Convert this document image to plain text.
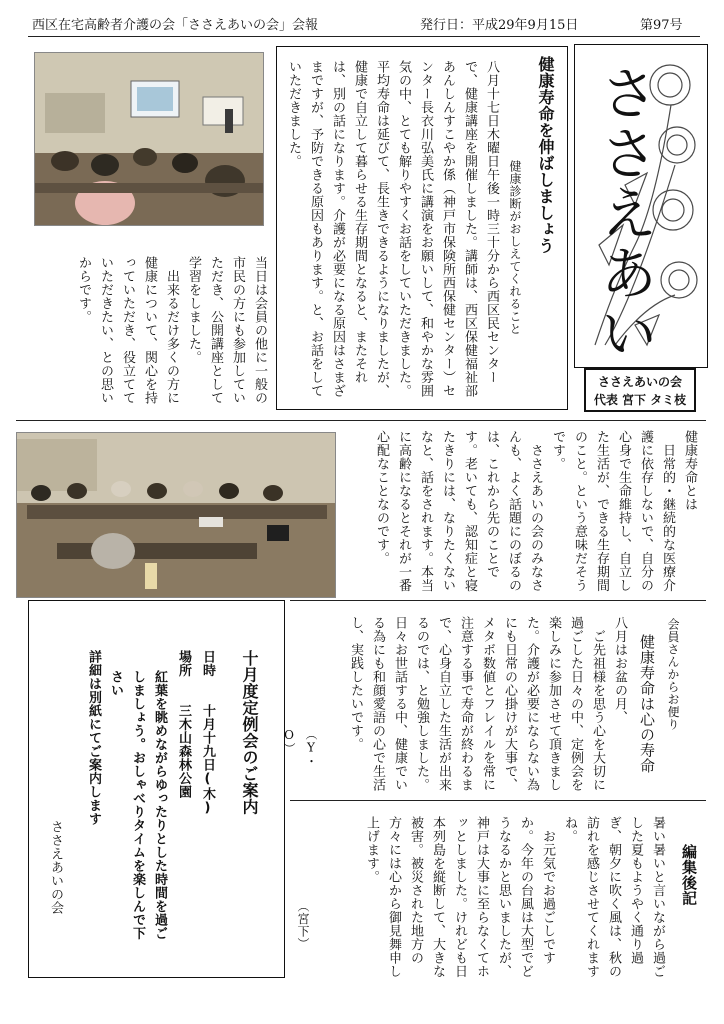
西区在宅高齢者介護の会「ささえあいの会」会報	発行日：平成29年9月15日	第97号
健康寿命を伸ばしましょう
健康診断がおしえてくれること
八月十七日木曜日午後一時三十分から西区民センターで、健康講座を開催しました。講師は、西区保健福祉部あんしんすこやか係（神戸市保険所西保健センター）センター長衣川弘美氏に講演をお願いして、和やかな雰囲気の中、とても解りやすくお話をしていただきました。平均寿命は延びて、長生きできるようになりましたが、健康で自立して暮らせる生存期間となると、またそれは、別の話になります。介護が必要になる原因はさまざまですが、予防できる原因もあります。と、お話をしていただきました。
当日は会員の他に一般の市民の方にも参加していただき、公開講座として学習をしました。
　出来るだけ多くの方に健康について、関心を持っていただき、役立てていただきたい、との思いからです。	ささえあい
ささえあいの会
代表 宮下 タミ枝
健康寿命とは
　日常的・継続的な医療介護に依存しないで、自分の心身で生命維持し、自立した生活が、できる生存期間のこと。という意味だそうです。
　ささえあいの会のみなさんも、よく話題にのぼるのは、これから先のことです。老いても、認知症と寝たきりには、なりたくないなと、話をされます。本当に高齢になるとそれが一番心配なことなのです。
十月度定例会のご案内
日時　　十月十九日(木)
場所　　三木山森林公園
紅葉を眺めながらゆったりとした時間を過ごしましょう。おしゃべりタイムを楽しんで下さい
詳細は別紙にてご案内します
ささえあいの会
会員さんからお便り
健康寿命は心の寿命
八月はお盆の月、
　ご先祖様を思う心を大切に過ごした日々の中、定例会を楽しみに参加させて頂きました。介護が必要にならない為にも日常の心掛けが大事で、メタボ数値とフレイルを常に注意する事で寿命が終わるまで、心身自立した生活が出来るのでは、と勉強しました。日々お世話する中、健康でいる為にも和顔愛語の心で生活し、実践したいです。
（Y・O）
編集後記
暑い暑いと言いながら過ごした夏もようやく通り過ぎ、朝夕に吹く風は、秋の訪れを感じさせてくれますね。
　お元気でお過ごしですか。今年の台風は大型でどうなるかと思いましたが、神戸は大事に至らなくてホッとしました。けれども日本列島を縦断して、大きな被害。被災された地方の方々には心から御見舞申し上げます。
（宮下）
